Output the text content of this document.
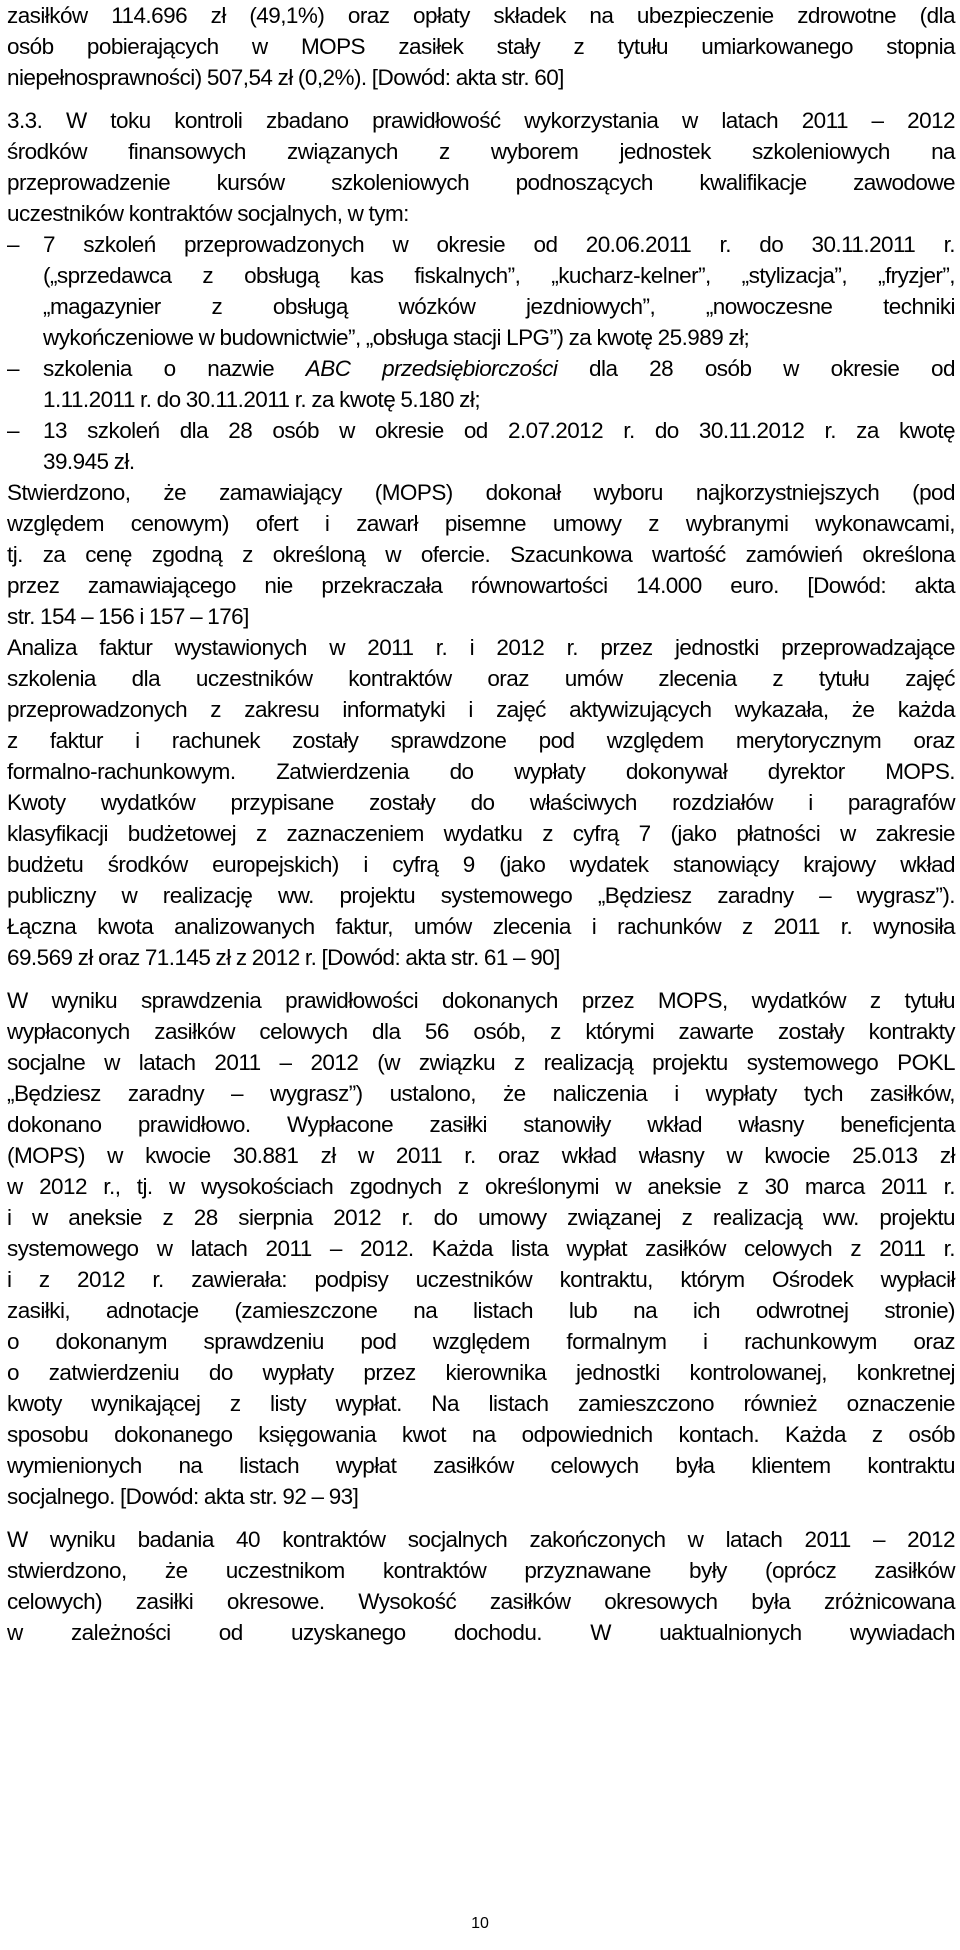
zasiłków 114.696 zł (49,1%) oraz opłaty składek na ubezpieczenie zdrowotne (dla
osób pobierających w MOPS zasiłek stały z tytułu umiarkowanego stopnia
niepełnosprawności) 507,54 zł (0,2%). [Dowód: akta str. 60]
3.3. W toku kontroli zbadano prawidłowość wykorzystania w latach 2011 – 2012
środków finansowych związanych z wyborem jednostek szkoleniowych na
przeprowadzenie kursów szkoleniowych podnoszących kwalifikacje zawodowe
uczestników kontraktów socjalnych, w tym:
–	7 szkoleń przeprowadzonych w okresie od 20.06.2011 r. do 30.11.2011 r.
(„sprzedawca z obsługą kas fiskalnych”, „kucharz-kelner”, „stylizacja”, „fryzjer”,
„magazynier z obsługą wózków jezdniowych”, „nowoczesne techniki
wykończeniowe w budownictwie”, „obsługa stacji LPG”) za kwotę 25.989 zł;
–	szkolenia o nazwie ABC przedsiębiorczości dla 28 osób w okresie od
1.11.2011 r. do 30.11.2011 r. za kwotę 5.180 zł;
–	13 szkoleń dla 28 osób w okresie od 2.07.2012 r. do 30.11.2012 r. za kwotę
39.945 zł.
Stwierdzono, że zamawiający (MOPS) dokonał wyboru najkorzystniejszych (pod
względem cenowym) ofert i zawarł pisemne umowy z wybranymi wykonawcami,
tj. za cenę zgodną z określoną w ofercie. Szacunkowa wartość zamówień określona
przez zamawiającego nie przekraczała równowartości 14.000 euro. [Dowód: akta
str. 154 – 156 i 157 – 176]
Analiza faktur wystawionych w 2011 r. i 2012 r. przez jednostki przeprowadzające
szkolenia dla uczestników kontraktów oraz umów zlecenia z tytułu zajęć
przeprowadzonych z zakresu informatyki i zajęć aktywizujących wykazała, że każda
z faktur i rachunek zostały sprawdzone pod względem merytorycznym oraz
formalno-rachunkowym. Zatwierdzenia do wypłaty dokonywał dyrektor MOPS.
Kwoty wydatków przypisane zostały do właściwych rozdziałów i paragrafów
klasyfikacji budżetowej z zaznaczeniem wydatku z cyfrą 7 (jako płatności w zakresie
budżetu środków europejskich) i cyfrą 9 (jako wydatek stanowiący krajowy wkład
publiczny w realizację ww. projektu systemowego „Będziesz zaradny – wygrasz”).
Łączna kwota analizowanych faktur, umów zlecenia i rachunków z 2011 r. wynosiła
69.569 zł oraz 71.145 zł z 2012 r. [Dowód: akta str. 61 – 90]
W wyniku sprawdzenia prawidłowości dokonanych przez MOPS, wydatków z tytułu
wypłaconych zasiłków celowych dla 56 osób, z którymi zawarte zostały kontrakty
socjalne w latach 2011 – 2012 (w związku z realizacją projektu systemowego POKL
„Będziesz zaradny – wygrasz”) ustalono, że naliczenia i wypłaty tych zasiłków,
dokonano prawidłowo. Wypłacone zasiłki stanowiły wkład własny beneficjenta
(MOPS) w kwocie 30.881 zł w 2011 r. oraz wkład własny w kwocie 25.013 zł
w 2012 r., tj. w wysokościach zgodnych z określonymi w aneksie z 30 marca 2011 r.
i w aneksie z 28 sierpnia 2012 r. do umowy związanej z realizacją ww. projektu
systemowego w latach 2011 – 2012. Każda lista wypłat zasiłków celowych z 2011 r.
i z 2012 r. zawierała: podpisy uczestników kontraktu, którym Ośrodek wypłacił
zasiłki, adnotacje (zamieszczone na listach lub na ich odwrotnej stronie)
o dokonanym sprawdzeniu pod względem formalnym i rachunkowym oraz
o zatwierdzeniu do wypłaty przez kierownika jednostki kontrolowanej, konkretnej
kwoty wynikającej z listy wypłat. Na listach zamieszczono również oznaczenie
sposobu dokonanego księgowania kwot na odpowiednich kontach. Każda z osób
wymienionych na listach wypłat zasiłków celowych była klientem kontraktu
socjalnego. [Dowód: akta str. 92 – 93]
W wyniku badania 40 kontraktów socjalnych zakończonych w latach 2011 – 2012
stwierdzono, że uczestnikom kontraktów przyznawane były (oprócz zasiłków
celowych) zasiłki okresowe. Wysokość zasiłków okresowych była zróżnicowana
w zależności od uzyskanego dochodu. W uaktualnionych wywiadach
10
